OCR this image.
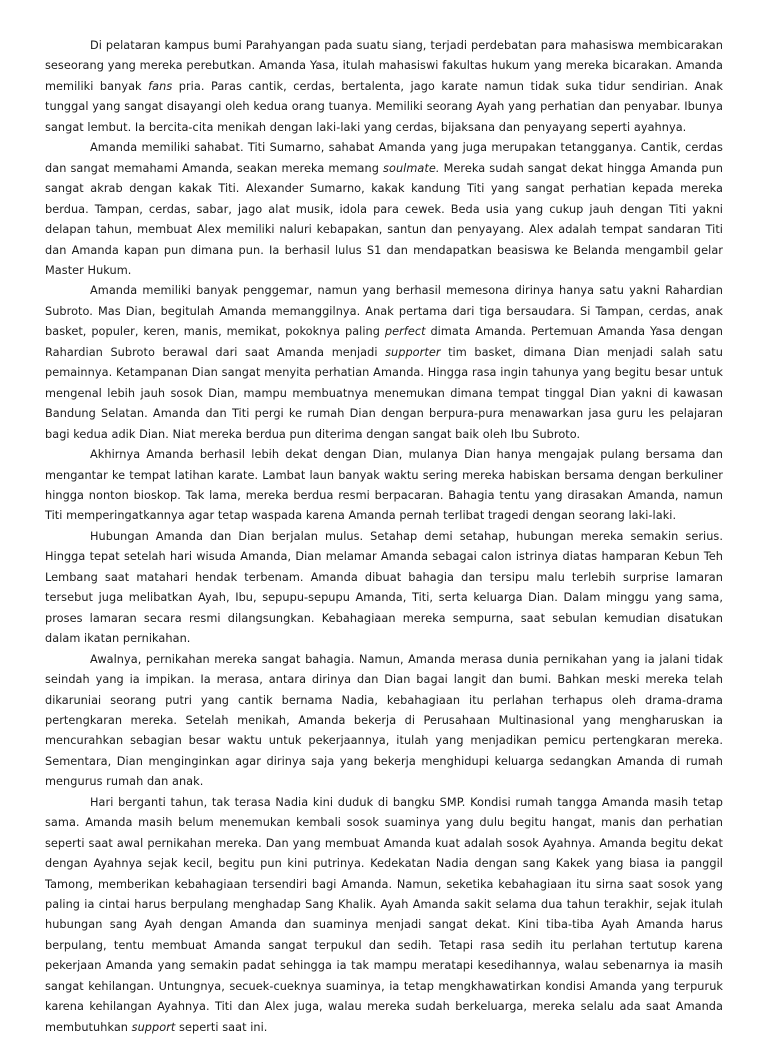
Di pelataran kampus bumi Parahyangan pada suatu siang, terjadi perdebatan para mahasiswa membicarakan seseorang yang mereka perebutkan. Amanda Yasa, itulah mahasiswi fakultas hukum yang mereka bicarakan. Amanda memiliki banyak fans pria. Paras cantik, cerdas, bertalenta, jago karate namun tidak suka tidur sendirian. Anak tunggal yang sangat disayangi oleh kedua orang tuanya. Memiliki seorang Ayah yang perhatian dan penyabar. Ibunya sangat lembut. Ia bercita-cita menikah dengan laki-laki yang cerdas, bijaksana dan penyayang seperti ayahnya.

Amanda memiliki sahabat. Titi Sumarno, sahabat Amanda yang juga merupakan tetangganya. Cantik, cerdas dan sangat memahami Amanda, seakan mereka memang soulmate. Mereka sudah sangat dekat hingga Amanda pun sangat akrab dengan kakak Titi. Alexander Sumarno, kakak kandung Titi yang sangat perhatian kepada mereka berdua. Tampan, cerdas, sabar, jago alat musik, idola para cewek. Beda usia yang cukup jauh dengan Titi yakni delapan tahun, membuat Alex memiliki naluri kebapakan, santun dan penyayang. Alex adalah tempat sandaran Titi dan Amanda kapan pun dimana pun. Ia berhasil lulus S1 dan mendapatkan beasiswa ke Belanda mengambil gelar Master Hukum.

Amanda memiliki banyak penggemar, namun yang berhasil memesona dirinya hanya satu yakni Rahardian Subroto. Mas Dian, begitulah Amanda memanggilnya. Anak pertama dari tiga bersaudara. Si Tampan, cerdas, anak basket, populer, keren, manis, memikat, pokoknya paling perfect dimata Amanda. Pertemuan Amanda Yasa dengan Rahardian Subroto berawal dari saat Amanda menjadi supporter tim basket, dimana Dian menjadi salah satu pemainnya. Ketampanan Dian sangat menyita perhatian Amanda. Hingga rasa ingin tahunya yang begitu besar untuk mengenal lebih jauh sosok Dian, mampu membuatnya menemukan dimana tempat tinggal Dian yakni di kawasan Bandung Selatan. Amanda dan Titi pergi ke rumah Dian dengan berpura-pura menawarkan jasa guru les pelajaran bagi kedua adik Dian. Niat mereka berdua pun diterima dengan sangat baik oleh Ibu Subroto.

Akhirnya Amanda berhasil lebih dekat dengan Dian, mulanya Dian hanya mengajak pulang bersama dan mengantar ke tempat latihan karate. Lambat laun banyak waktu sering mereka habiskan bersama dengan berkuliner hingga nonton bioskop. Tak lama, mereka berdua resmi berpacaran. Bahagia tentu yang dirasakan Amanda, namun Titi memperingatkannya agar tetap waspada karena Amanda pernah terlibat tragedi dengan seorang laki-laki.

Hubungan Amanda dan Dian berjalan mulus. Setahap demi setahap, hubungan mereka semakin serius. Hingga tepat setelah hari wisuda Amanda, Dian melamar Amanda sebagai calon istrinya diatas hamparan Kebun Teh Lembang saat matahari hendak terbenam. Amanda dibuat bahagia dan tersipu malu terlebih surprise lamaran tersebut juga melibatkan Ayah, Ibu, sepupu-sepupu Amanda, Titi, serta keluarga Dian. Dalam minggu yang sama, proses lamaran secara resmi dilangsungkan. Kebahagiaan mereka sempurna, saat sebulan kemudian disatukan dalam ikatan pernikahan.

Awalnya, pernikahan mereka sangat bahagia. Namun, Amanda merasa dunia pernikahan yang ia jalani tidak seindah yang ia impikan. Ia merasa, antara dirinya dan Dian bagai langit dan bumi. Bahkan meski mereka telah dikaruniai seorang putri yang cantik bernama Nadia, kebahagiaan itu perlahan terhapus oleh drama-drama pertengkaran mereka. Setelah menikah, Amanda bekerja di Perusahaan Multinasional yang mengharuskan ia mencurahkan sebagian besar waktu untuk pekerjaannya, itulah yang menjadikan pemicu pertengkaran mereka. Sementara, Dian menginginkan agar dirinya saja yang bekerja menghidupi keluarga sedangkan Amanda di rumah mengurus rumah dan anak.

Hari berganti tahun, tak terasa Nadia kini duduk di bangku SMP. Kondisi rumah tangga Amanda masih tetap sama. Amanda masih belum menemukan kembali sosok suaminya yang dulu begitu hangat, manis dan perhatian seperti saat awal pernikahan mereka. Dan yang membuat Amanda kuat adalah sosok Ayahnya. Amanda begitu dekat dengan Ayahnya sejak kecil, begitu pun kini putrinya. Kedekatan Nadia dengan sang Kakek yang biasa ia panggil Tamong, memberikan kebahagiaan tersendiri bagi Amanda. Namun, seketika kebahagiaan itu sirna saat sosok yang paling ia cintai harus berpulang menghadap Sang Khalik. Ayah Amanda sakit selama dua tahun terakhir, sejak itulah hubungan sang Ayah dengan Amanda dan suaminya menjadi sangat dekat. Kini tiba-tiba Ayah Amanda harus berpulang, tentu membuat Amanda sangat terpukul dan sedih. Tetapi rasa sedih itu perlahan tertutup karena pekerjaan Amanda yang semakin padat sehingga ia tak mampu meratapi kesedihannya, walau sebenarnya ia masih sangat kehilangan. Untungnya, secuek-cueknya suaminya, ia tetap mengkhawatirkan kondisi Amanda yang terpuruk karena kehilangan Ayahnya. Titi dan Alex juga, walau mereka sudah berkeluarga, mereka selalu ada saat Amanda membutuhkan support seperti saat ini.
